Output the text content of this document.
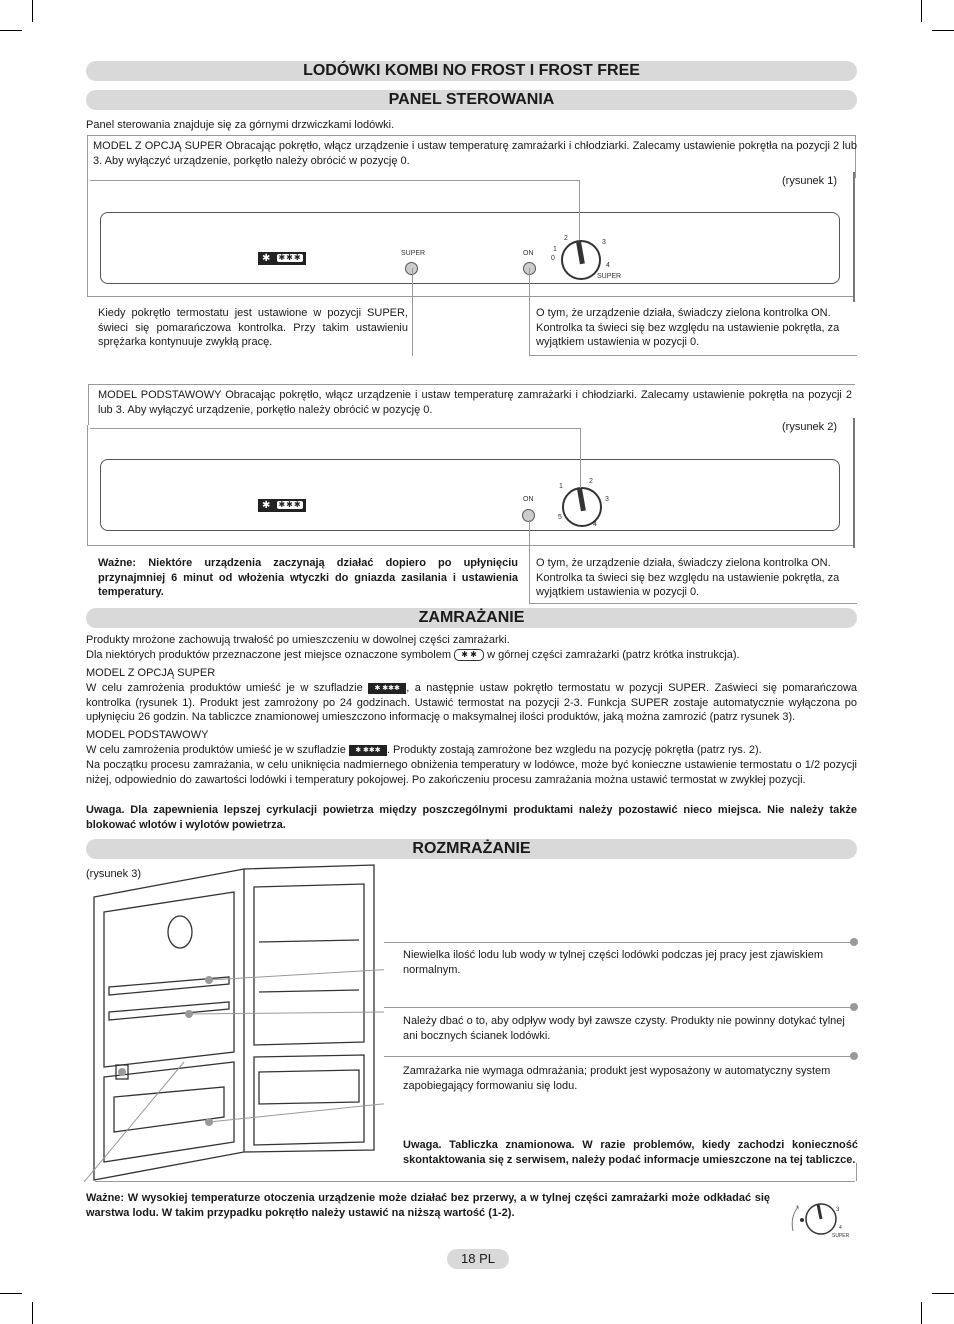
LODÓWKI KOMBI NO FROST I FROST FREE
PANEL STEROWANIA
Panel sterowania znajduje się za górnymi drzwiczkami lodówki.
MODEL Z OPCJĄ SUPER Obracając pokrętło, włącz urządzenie i ustaw temperaturę zamrażarki i chłodziarki. Zalecamy ustawienie pokrętła na pozycji 2 lub 3. Aby wyłączyć urządzenie, porkętło należy obrócić w pozycję 0.
(rysunek 1)
✱ ✱✱✱	SUPER	ON
0
1
2
3
4
SUPER
Kiedy pokrętło termostatu jest ustawione w pozycji SUPER, świeci się pomarańczowa kontrolka. Przy takim ustawieniu sprężarka kontynuuje zwykłą pracę.
O tym, że urządzenie działa, świadczy zielona kontrolka ON. Kontrolka ta świeci się bez względu na ustawienie pokrętła, za wyjątkiem ustawienia w pozycji 0.
MODEL PODSTAWOWY Obracając pokrętło, włącz urządzenie i ustaw temperaturę zamrażarki i chłodziarki. Zalecamy ustawienie pokrętła na pozycji 2 lub 3. Aby wyłączyć urządzenie, porkętło należy obrócić w pozycję 0.
(rysunek 2)
✱ ✱✱✱
ON
1
2
3
4
5
Ważne: Niektóre urządzenia zaczynają działać dopiero po upłynięciu przynajmniej 6 minut od włożenia wtyczki do gniazda zasilania i ustawienia temperatury.
O tym, że urządzenie działa, świadczy zielona kontrolka ON. Kontrolka ta świeci się bez względu na ustawienie pokrętła, za wyjątkiem ustawienia w pozycji 0.
ZAMRAŻANIE
Produkty mrożone zachowują trwałość po umieszczeniu w dowolnej części zamrażarki.
Dla niektórych produktów przeznaczone jest miejsce oznaczone symbolem ✱ ✱ w górnej części zamrażarki (patrz krótka instrukcja).
MODEL Z OPCJĄ SUPER
W celu zamrożenia produktów umieść je w szufladzie ✱ ✱✱✱ , a następnie ustaw pokrętło termostatu w pozycji SUPER. Zaświeci się pomarańczowa kontrolka (rysunek 1). Produkt jest zamrożony po 24 godzinach. Ustawić termostat na pozycji 2-3. Funkcja SUPER zostaje automatycznie wyłączona po upłynięciu 26 godzin. Na tabliczce znamionowej umieszczono informację o maksymalnej ilości produktów, jaką można zamrozić (patrz rysunek 3).
MODEL PODSTAWOWY
W celu zamrożenia produktów umieść je w szufladzie ✱ ✱✱✱ . Produkty zostają zamrożone bez wzgledu na pozycję pokrętła (patrz rys. 2).
Na początku procesu zamrażania, w celu uniknięcia nadmiernego obniżenia temperatury w lodówce, może być konieczne ustawienie termostatu o 1/2 pozycji niżej, odpowiednio do zawartości lodówki i temperatury pokojowej. Po zakończeniu procesu zamrażania można ustawić termostat w zwykłej pozycji.
Uwaga. Dla zapewnienia lepszej cyrkulacji powietrza między poszczególnymi produktami należy pozostawić nieco miejsca. Nie należy także blokować wlotów i wylotów powietrza.
ROZMRAŻANIE
(rysunek 3)
Niewielka ilość lodu lub wody w tylnej części lodówki podczas jej pracy jest zjawiskiem normalnym.
Należy dbać o to, aby odpływ wody był zawsze czysty. Produkty nie powinny dotykać tylnej ani bocznych ścianek lodówki.
Zamrażarka nie wymaga odmrażania; produkt jest wyposażony w automatyczny system zapobiegający formowaniu się lodu.
Uwaga. Tabliczka znamionowa. W razie problemów, kiedy zachodzi konieczność skontaktowania się z serwisem, należy podać informacje umieszczone na tej tabliczce.
Ważne: W wysokiej temperaturze otoczenia urządzenie może działać bez przerwy, a w tylnej części zamrażarki może odkładać się warstwa lodu. W takim przypadku pokrętło należy ustawić na niższą wartość (1-2).	3
4
SUPER
18 PL
